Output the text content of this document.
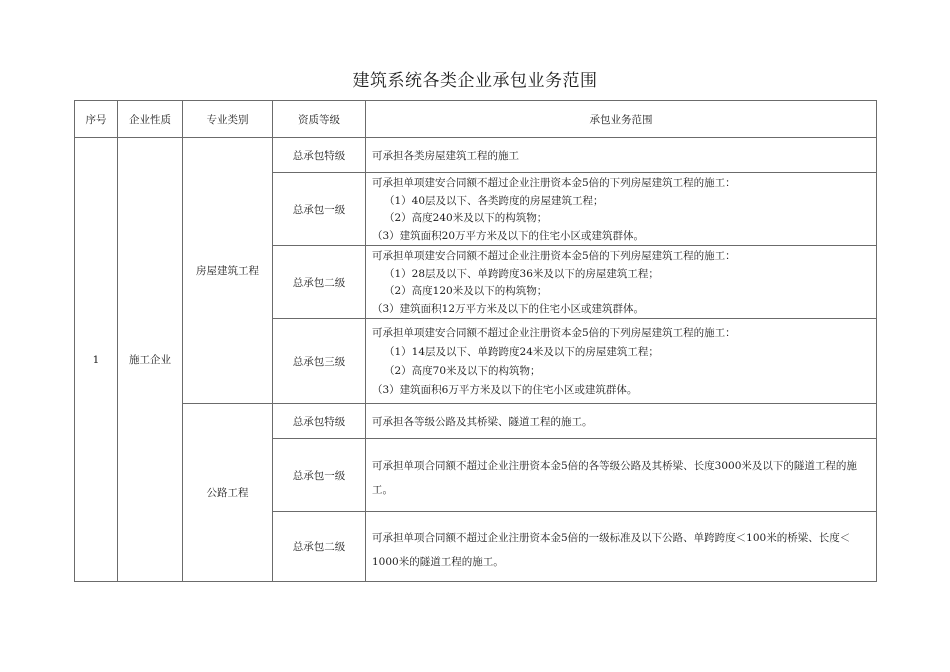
建筑系统各类企业承包业务范围
序号	企业性质	专业类别	资质等级	承包业务范围
1	施工企业	房屋建筑工程	总承包特级	可承担各类房屋建筑工程的施工

			总承包一级	可承担单项建安合同额不超过企业注册资本金5倍的下列房屋建筑工程的施工：
（1）40层及以下、各类跨度的房屋建筑工程；
（2）高度240米及以下的构筑物；
（3）建筑面积20万平方米及以下的住宅小区或建筑群体。

			总承包二级	可承担单项建安合同额不超过企业注册资本金5倍的下列房屋建筑工程的施工：
（1）28层及以下、单跨跨度36米及以下的房屋建筑工程；
（2）高度120米及以下的构筑物；
（3）建筑面积12万平方米及以下的住宅小区或建筑群体。

			总承包三级	可承担单项建安合同额不超过企业注册资本金5倍的下列房屋建筑工程的施工：
（1）14层及以下、单跨跨度24米及以下的房屋建筑工程；
（2）高度70米及以下的构筑物；
（3）建筑面积6万平方米及以下的住宅小区或建筑群体。

		公路工程	总承包特级	可承担各等级公路及其桥梁、隧道工程的施工。

			总承包一级	可承担单项合同额不超过企业注册资本金5倍的各等级公路及其桥梁、长度3000米及以下的隧道工程的施工。

			总承包二级	可承担单项合同额不超过企业注册资本金5倍的一级标准及以下公路、单跨跨度＜100米的桥梁、长度＜1000米的隧道工程的施工。
